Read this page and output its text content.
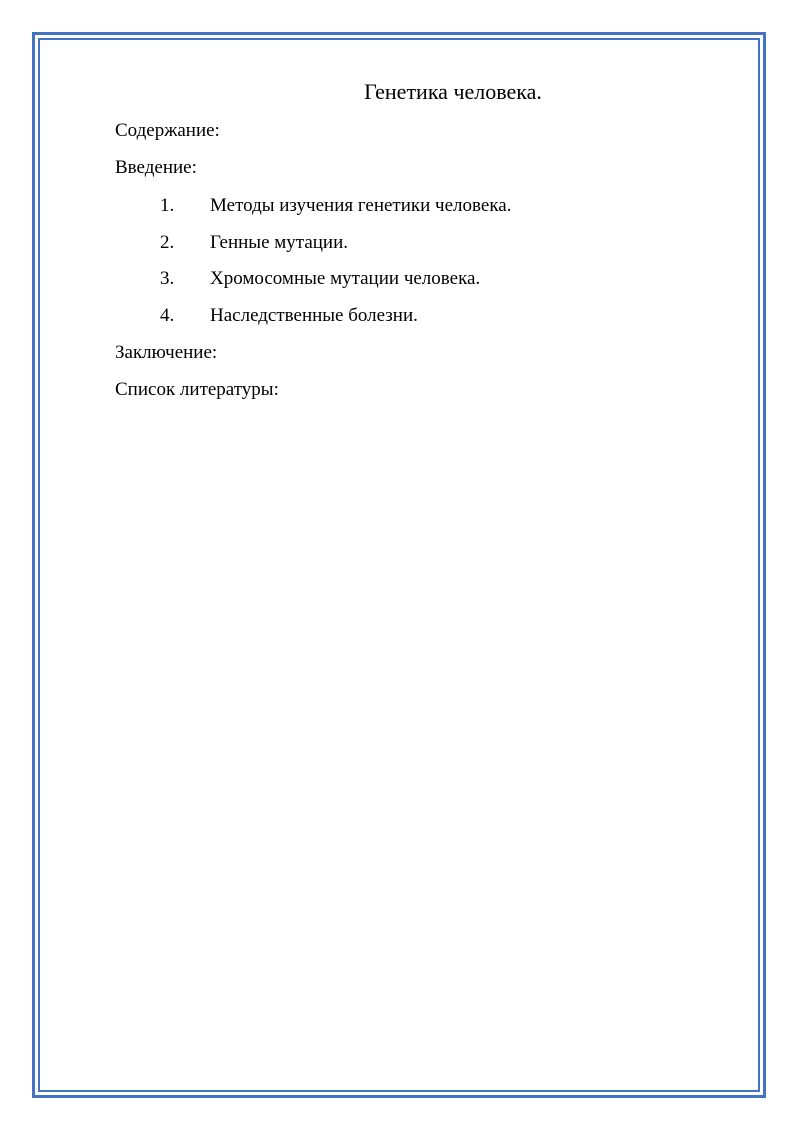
Генетика человека.
Содержание:
Введение:
1.	Методы изучения генетики человека.
2.	Генные мутации.
3.	Хромосомные мутации человека.
4.	Наследственные болезни.
Заключение:
Список литературы:
